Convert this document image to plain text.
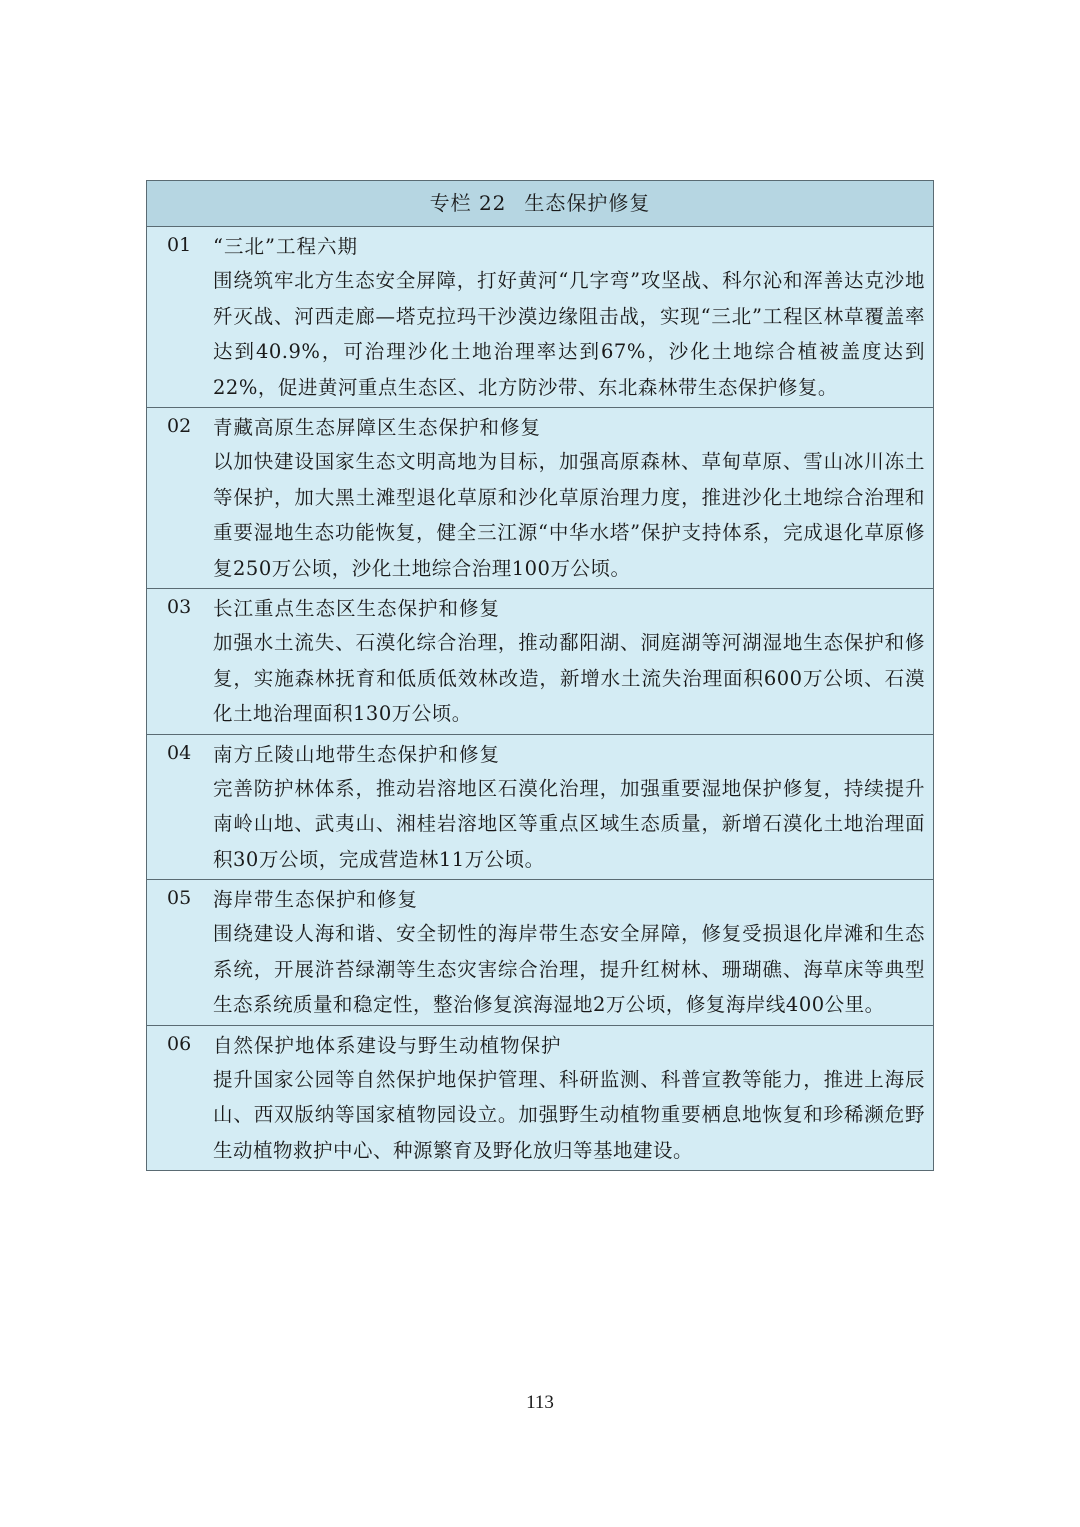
专栏 22 生态保护修复
01	“三北”工程六期
围绕筑牢北方生态安全屏障，打好黄河“几字弯”攻坚战、科尔沁和浑善达克沙地歼灭战、河西走廊—塔克拉玛干沙漠边缘阻击战，实现“三北”工程区林草覆盖率达到40.9%，可治理沙化土地治理率达到67%，沙化土地综合植被盖度达到22%，促进黄河重点生态区、北方防沙带、东北森林带生态保护修复。
02	青藏高原生态屏障区生态保护和修复
以加快建设国家生态文明高地为目标，加强高原森林、草甸草原、雪山冰川冻土等保护，加大黑土滩型退化草原和沙化草原治理力度，推进沙化土地综合治理和重要湿地生态功能恢复，健全三江源“中华水塔”保护支持体系，完成退化草原修复250万公顷，沙化土地综合治理100万公顷。
03	长江重点生态区生态保护和修复
加强水土流失、石漠化综合治理，推动鄱阳湖、洞庭湖等河湖湿地生态保护和修复，实施森林抚育和低质低效林改造，新增水土流失治理面积600万公顷、石漠化土地治理面积130万公顷。
04	南方丘陵山地带生态保护和修复
完善防护林体系，推动岩溶地区石漠化治理，加强重要湿地保护修复，持续提升南岭山地、武夷山、湘桂岩溶地区等重点区域生态质量，新增石漠化土地治理面积30万公顷，完成营造林11万公顷。
05	海岸带生态保护和修复
围绕建设人海和谐、安全韧性的海岸带生态安全屏障，修复受损退化岸滩和生态系统，开展浒苔绿潮等生态灾害综合治理，提升红树林、珊瑚礁、海草床等典型生态系统质量和稳定性，整治修复滨海湿地2万公顷，修复海岸线400公里。
06	自然保护地体系建设与野生动植物保护
提升国家公园等自然保护地保护管理、科研监测、科普宣教等能力，推进上海辰山、西双版纳等国家植物园设立。加强野生动植物重要栖息地恢复和珍稀濒危野生动植物救护中心、种源繁育及野化放归等基地建设。
113
